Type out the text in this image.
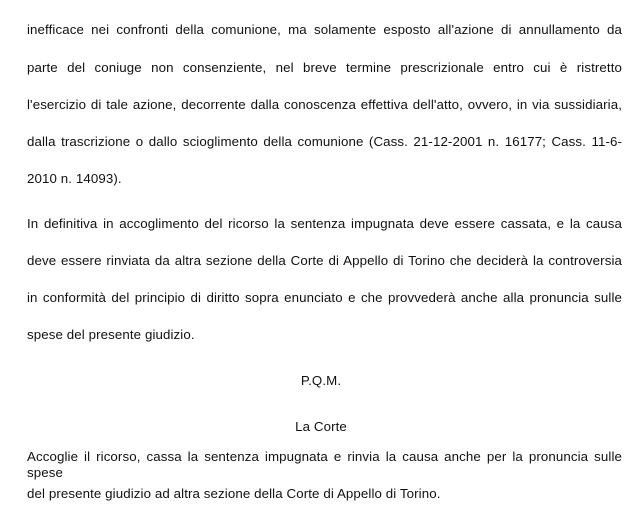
inefficace nei confronti della comunione, ma solamente esposto all'azione di annullamento da
parte del coniuge non consenziente, nel breve termine prescrizionale entro cui è ristretto
l'esercizio di tale azione, decorrente dalla conoscenza effettiva dell'atto, ovvero, in via sussidiaria,
dalla trascrizione o dallo scioglimento della comunione (Cass. 21-12-2001 n. 16177; Cass. 11-6-
2010 n. 14093).
In definitiva in accoglimento del ricorso la sentenza impugnata deve essere cassata, e la causa
deve essere rinviata da altra sezione della Corte di Appello di Torino che deciderà la controversia
in conformità del principio di diritto sopra enunciato e che provvederà anche alla pronuncia sulle
spese del presente giudizio.
P.Q.M.
La Corte
Accoglie il ricorso, cassa la sentenza impugnata e rinvia la causa anche per la pronuncia sulle spese
del presente giudizio ad altra sezione della Corte di Appello di Torino.
